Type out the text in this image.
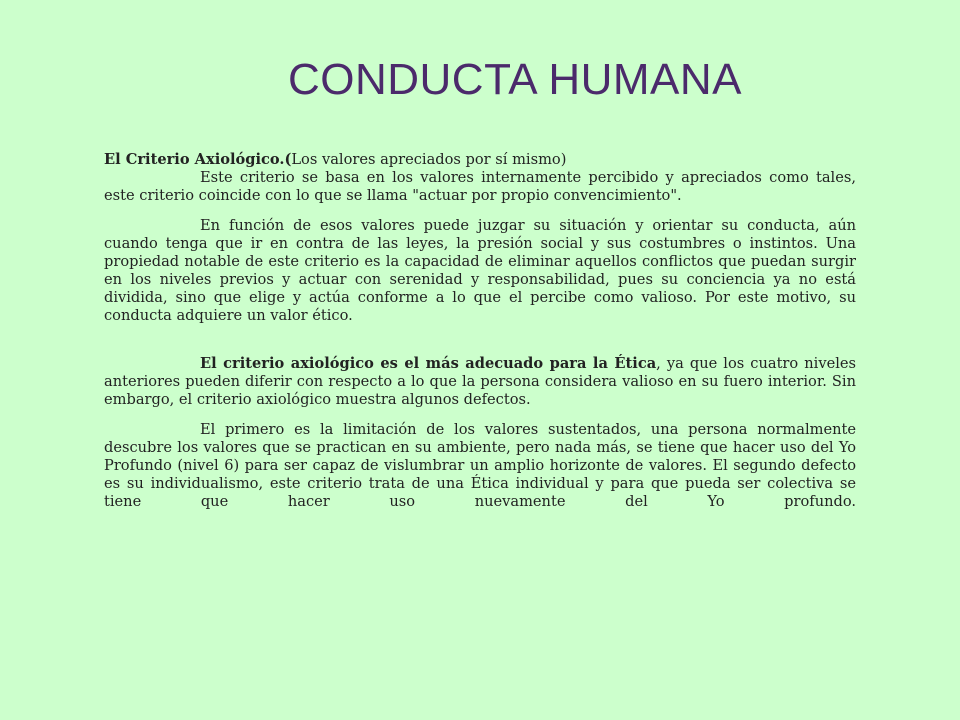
CONDUCTA HUMANA

El Criterio Axiológico.(Los valores apreciados por sí mismo)

Este criterio se basa en los valores internamente percibido y apreciados como tales, este criterio coincide con lo que se llama "actuar por propio convencimiento".

En función de esos valores puede juzgar su situación y orientar su conducta, aún cuando tenga que ir en contra de las leyes, la presión social y sus costumbres o instintos. Una propiedad notable de este criterio es la capacidad de eliminar aquellos conflictos que puedan surgir en los niveles previos y actuar con serenidad y responsabilidad, pues su conciencia ya no está dividida, sino que elige y actúa conforme a lo que el percibe como valioso. Por este motivo, su conducta adquiere un valor ético.

El criterio axiológico es el más adecuado para la Ética, ya que los cuatro niveles anteriores pueden diferir con respecto a lo que la persona considera valioso en su fuero interior. Sin embargo, el criterio axiológico muestra algunos defectos.

El primero es la limitación de los valores sustentados, una persona normalmente descubre los valores que se practican en su ambiente, pero nada más, se tiene que hacer uso del Yo Profundo (nivel 6) para ser capaz de vislumbrar un amplio horizonte de valores. El segundo defecto es su individualismo, este criterio trata de una Ética individual y para que pueda ser colectiva se tiene que hacer uso nuevamente del Yo profundo.
